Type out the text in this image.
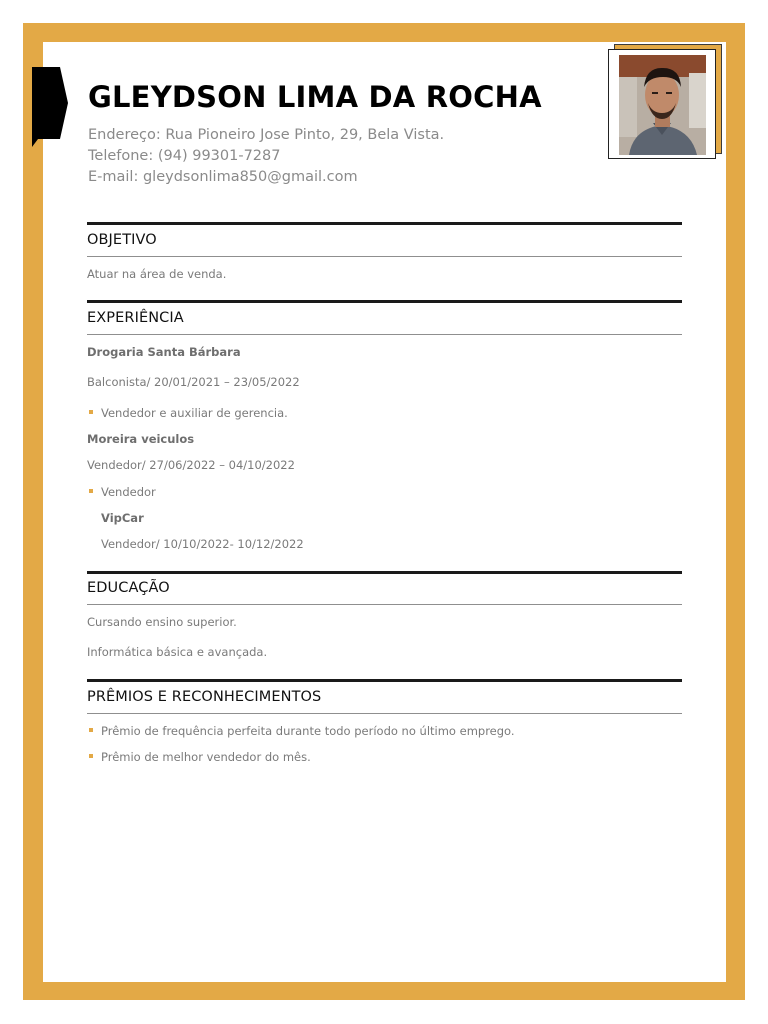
GLEYDSON LIMA DA ROCHA
Endereço: Rua Pioneiro Jose Pinto, 29, Bela Vista.
Telefone: (94) 99301-7287
E-mail: gleydsonlima850@gmail.com
OBJETIVO
Atuar na área de venda.
EXPERIÊNCIA
Drogaria Santa Bárbara
Balconista/ 20/01/2021 – 23/05/2022
Vendedor e auxiliar de gerencia.
Moreira veiculos
Vendedor/ 27/06/2022 – 04/10/2022
Vendedor
VipCar
Vendedor/ 10/10/2022- 10/12/2022
EDUCAÇÃO
Cursando ensino superior.
Informática básica e avançada.
PRÊMIOS E RECONHECIMENTOS
Prêmio de frequência perfeita durante todo período no último emprego.
Prêmio de melhor vendedor do mês.
